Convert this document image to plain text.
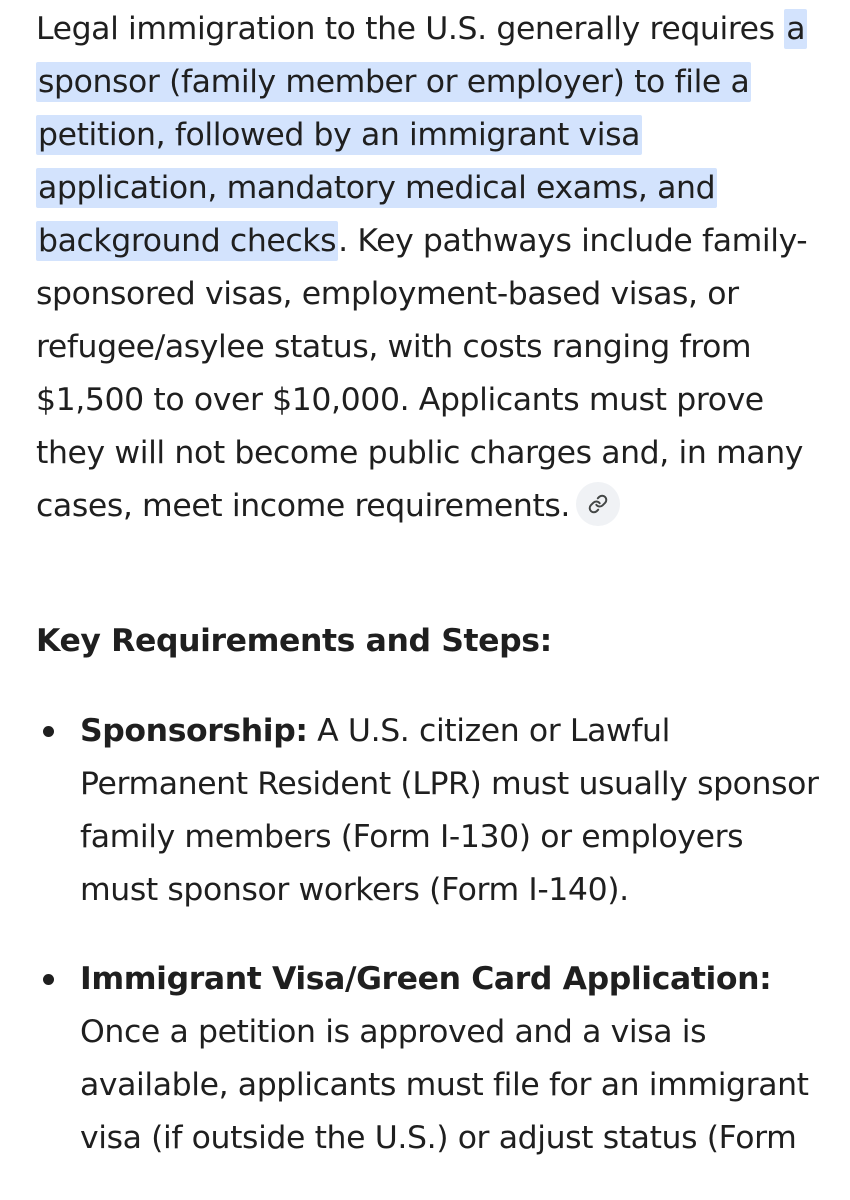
Legal immigration to the U.S. generally requires a sponsor (family member or employer) to file a petition, followed by an immigrant visa application, mandatory medical exams, and background checks. Key pathways include family-sponsored visas, employment-based visas, or refugee/asylee status, with costs ranging from $1,500 to over $10,000. Applicants must prove they will not become public charges and, in many cases, meet income requirements.

Key Requirements and Steps:
Sponsorship: A U.S. citizen or Lawful Permanent Resident (LPR) must usually sponsor family members (Form I-130) or employers must sponsor workers (Form I-140).
Immigrant Visa/Green Card Application: Once a petition is approved and a visa is available, applicants must file for an immigrant visa (if outside the U.S.) or adjust status (Form
